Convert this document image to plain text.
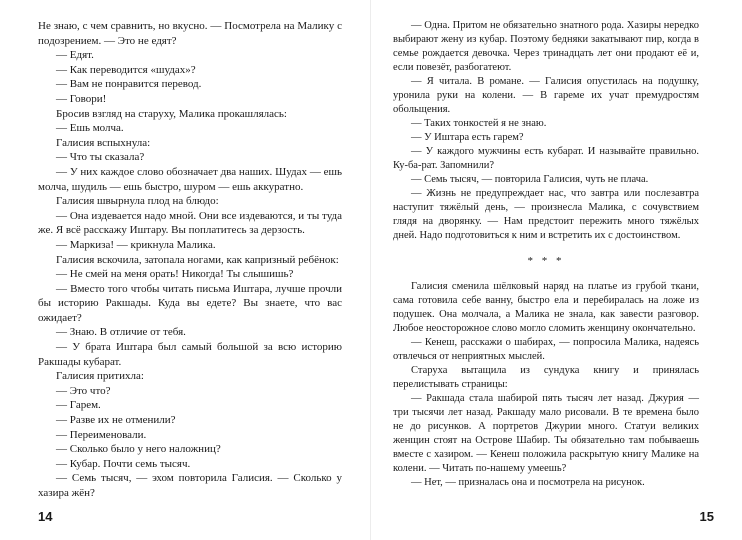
Не знаю, с чем сравнить, но вкусно. — Посмотрела на Малику с подозрением. — Это не едят?

— Едят.

— Как переводится «шудах»?

— Вам не понравится перевод.

— Говори!

Бросив взгляд на старуху, Малика прокашлялась:

— Ешь молча.

Галисия вспыхнула:

— Что ты сказала?

— У них каждое слово обозначает два наших. Шудах — ешь молча, шудиль — ешь быстро, шуром — ешь аккуратно.

Галисия швырнула плод на блюдо:

— Она издевается надо мной. Они все издеваются, и ты туда же. Я всё расскажу Иштару. Вы поплатитесь за дерзость.

— Маркиза! — крикнула Малика.

Галисия вскочила, затопала ногами, как капризный ребёнок:

— Не смей на меня орать! Никогда! Ты слышишь?

— Вместо того чтобы читать письма Иштара, лучше прочли бы историю Ракшады. Куда вы едете? Вы знаете, что вас ожидает?

— Знаю. В отличие от тебя.

— У брата Иштара был самый большой за всю историю Ракшады кубарат.

Галисия притихла:

— Это что?

— Гарем.

— Разве их не отменили?

— Переименовали.

— Сколько было у него наложниц?

— Кубар. Почти семь тысяч.

— Семь тысяч, — эхом повторила Галисия. — Сколько у хазира жён?

14

— Одна. Притом не обязательно знатного рода. Хазиры нередко выбирают жену из кубар. Поэтому бедняки закатывают пир, когда в семье рождается девочка. Через тринадцать лет они продают её и, если повезёт, разбогатеют.

— Я читала. В романе. — Галисия опустилась на подушку, уронила руки на колени. — В гареме их учат премудростям обольщения.

— Таких тонкостей я не знаю.

— У Иштара есть гарем?

— У каждого мужчины есть кубарат. И называйте правильно. Ку-ба-рат. Запомнили?

— Семь тысяч, — повторила Галисия, чуть не плача.

— Жизнь не предупреждает нас, что завтра или послезавтра наступит тяжёлый день, — произнесла Малика, с сочувствием глядя на дворянку. — Нам предстоит пережить много тяжёлых дней. Надо подготовиться к ним и встретить их с достоинством.

* * *

Галисия сменила шёлковый наряд на платье из грубой ткани, сама готовила себе ванну, быстро ела и перебиралась на ложе из подушек. Она молчала, а Малика не знала, как завести разговор. Любое неосторожное слово могло сломить женщину окончательно.

— Кенеш, расскажи о шабирах, — попросила Малика, надеясь отвлечься от неприятных мыслей.

Старуха вытащила из сундука книгу и принялась перелистывать страницы:

— Ракшада стала шабирой пять тысяч лет назад. Джурия — три тысячи лет назад. Ракшаду мало рисовали. В те времена было не до рисунков. А портретов Джурии много. Статуи великих женщин стоят на Острове Шабир. Ты обязательно там побываешь вместе с хазиром. — Кенеш положила раскрытую книгу Малике на колени. — Читать по-нашему умеешь?

— Нет, — призналась она и посмотрела на рисунок.

15
